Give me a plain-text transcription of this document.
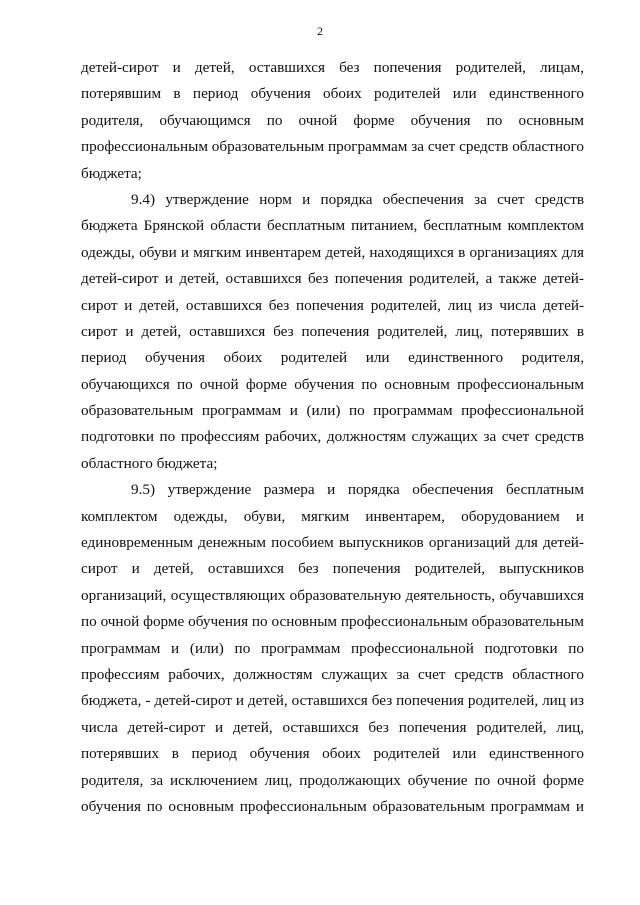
2
детей-сирот и детей, оставшихся без попечения родителей, лицам,
потерявшим в период обучения обоих родителей или единственного
родителя, обучающимся по очной форме обучения по основным
профессиональным образовательным программам за счет средств областного
бюджета;
9.4) утверждение норм и порядка обеспечения за счет средств
бюджета Брянской области бесплатным питанием, бесплатным комплектом
одежды, обуви и мягким инвентарем детей, находящихся в организациях для
детей-сирот и детей, оставшихся без попечения родителей, а также детей-
сирот и детей, оставшихся без попечения родителей, лиц из числа детей-
сирот и детей, оставшихся без попечения родителей, лиц, потерявших в
период обучения обоих родителей или единственного родителя,
обучающихся по очной форме обучения по основным профессиональным
образовательным программам и (или) по программам профессиональной
подготовки по профессиям рабочих, должностям служащих за счет средств
областного бюджета;
9.5) утверждение размера и порядка обеспечения бесплатным
комплектом одежды, обуви, мягким инвентарем, оборудованием и
единовременным денежным пособием выпускников организаций для детей-
сирот и детей, оставшихся без попечения родителей, выпускников
организаций, осуществляющих образовательную деятельность, обучавшихся
по очной форме обучения по основным профессиональным образовательным
программам и (или) по программам профессиональной подготовки по
профессиям рабочих, должностям служащих за счет средств областного
бюджета, - детей-сирот и детей, оставшихся без попечения родителей, лиц из
числа детей-сирот и детей, оставшихся без попечения родителей, лиц,
потерявших в период обучения обоих родителей или единственного
родителя, за исключением лиц, продолжающих обучение по очной форме
обучения по основным профессиональным образовательным программам и
